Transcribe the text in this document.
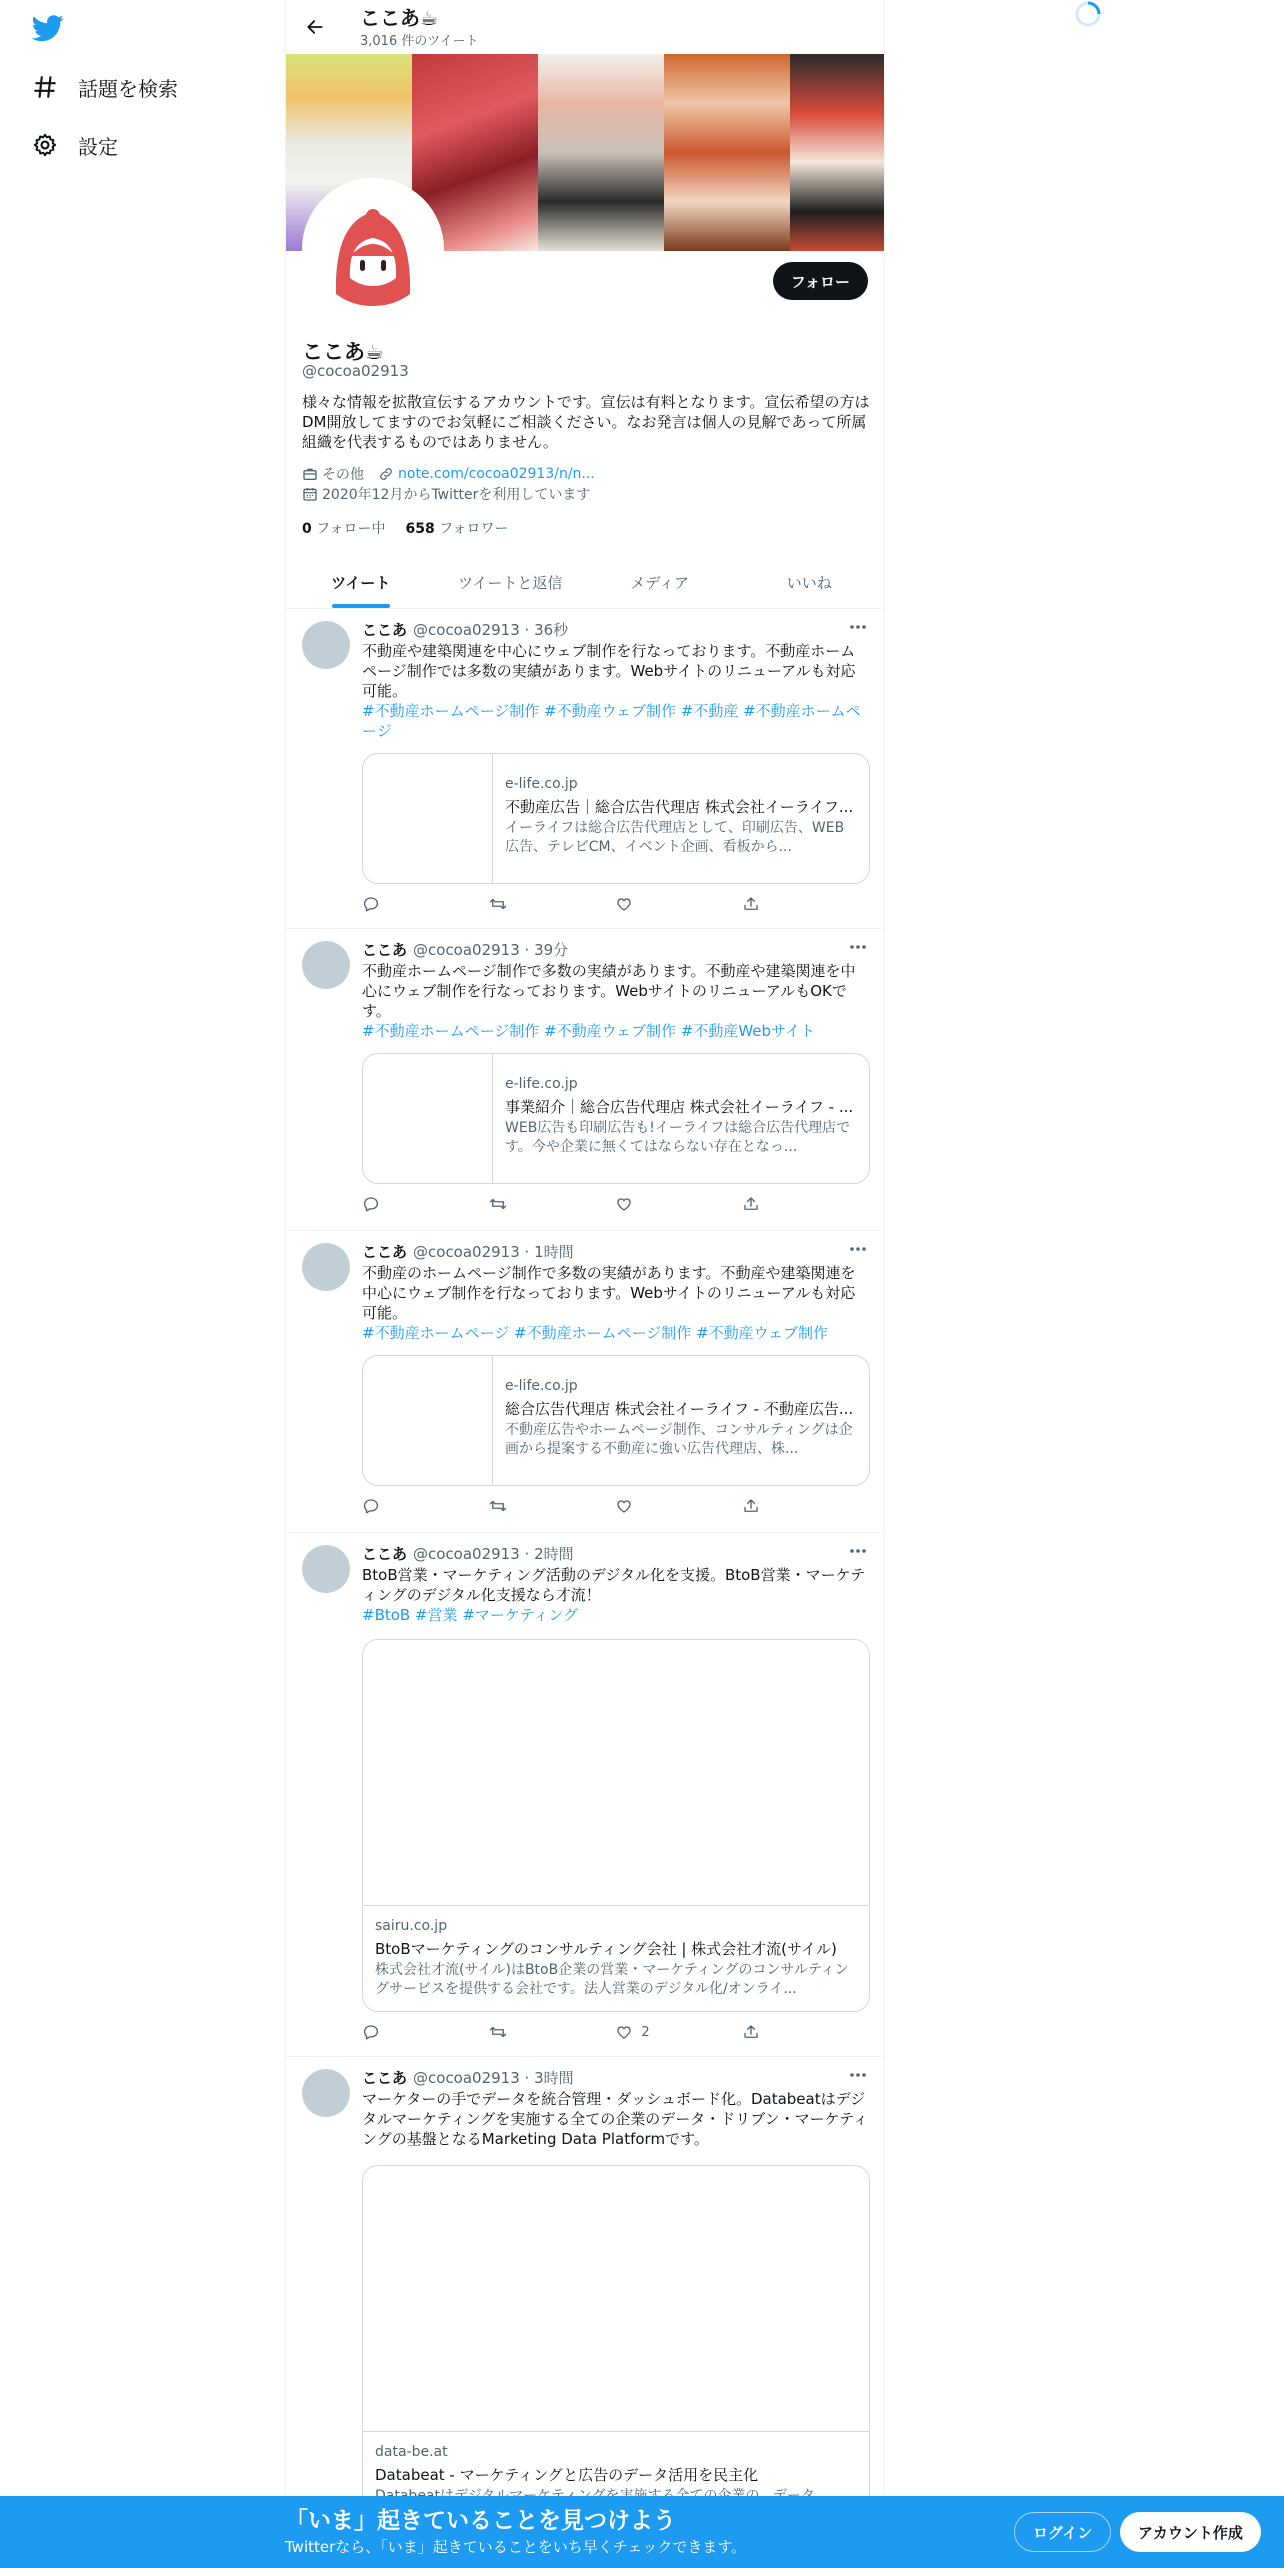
話題を検索
設定
ここあ☕
3,016 件のツイート
フォロー
ここあ☕
@cocoa02913
様々な情報を拡散宣伝するアカウントです。宣伝は有料となります。宣伝希望の方はDM開放してますのでお気軽にご相談ください。なお発言は個人の見解であって所属組織を代表するものではありません。
その他 note.com/cocoa02913/n/n...
2020年12月からTwitterを利用しています
0 フォロー中 658 フォロワー
ツイート	ツイートと返信	メディア	いいね
ここあ @cocoa02913 · 36秒
不動産や建築関連を中心にウェブ制作を行なっております。不動産ホームページ制作では多数の実績があります。Webサイトのリニューアルも対応可能。
#不動産ホームページ制作 #不動産ウェブ制作 #不動産 #不動産ホームページ
e-life.co.jp
不動産広告｜総合広告代理店 株式会社イーライフ...
イーライフは総合広告代理店として、印刷広告、WEB広告、テレビCM、イベント企画、看板から...
ここあ @cocoa02913 · 39分
不動産ホームページ制作で多数の実績があります。不動産や建築関連を中心にウェブ制作を行なっております。WebサイトのリニューアルもOKです。
#不動産ホームページ制作 #不動産ウェブ制作 #不動産Webサイト
e-life.co.jp
事業紹介｜総合広告代理店 株式会社イーライフ - ...
WEB広告も印刷広告も!イーライフは総合広告代理店です。今や企業に無くてはならない存在となっ...
ここあ @cocoa02913 · 1時間
不動産のホームページ制作で多数の実績があります。不動産や建築関連を中心にウェブ制作を行なっております。Webサイトのリニューアルも対応可能。
#不動産ホームページ #不動産ホームページ制作 #不動産ウェブ制作
e-life.co.jp
総合広告代理店 株式会社イーライフ - 不動産広告...
不動産広告やホームページ制作、コンサルティングは企画から提案する不動産に強い広告代理店、株...
ここあ @cocoa02913 · 2時間
BtoB営業・マーケティング活動のデジタル化を支援。BtoB営業・マーケティングのデジタル化支援なら才流！
#BtoB #営業 #マーケティング
sairu.co.jp
BtoBマーケティングのコンサルティング会社 | 株式会社才流(サイル)
株式会社才流(サイル)はBtoB企業の営業・マーケティングのコンサルティングサービスを提供する会社です。法人営業のデジタル化/オンライ...
2
ここあ @cocoa02913 · 3時間
マーケターの手でデータを統合管理・ダッシュボード化。Databeatはデジタルマーケティングを実施する全ての企業のデータ・ドリブン・マーケティングの基盤となるMarketing Data Platformです。
data-be.at
Databeat - マーケティングと広告のデータ活用を民主化
「いま」起きていることを見つけよう
Twitterなら、「いま」起きていることをいち早くチェックできます。
ログイン	アカウント作成
